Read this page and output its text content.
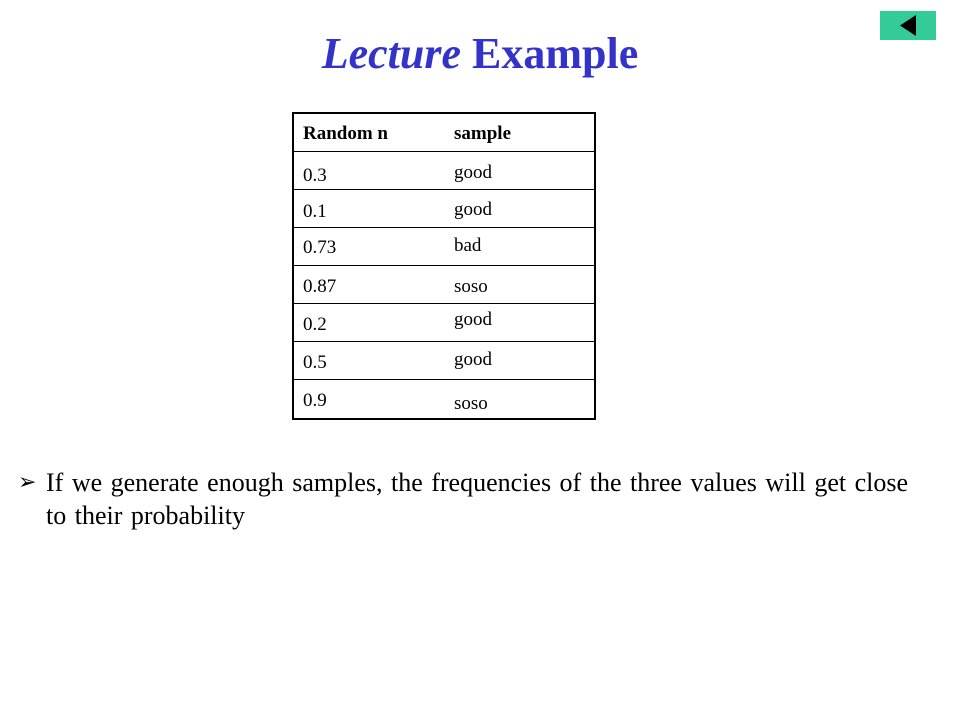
Lecture Example
Random n	sample
0.3	good
0.1	good
0.73	bad
0.87	soso
0.2	good
0.5	good
0.9	soso
➢ If we generate enough samples, the frequencies of the three values will get close to their probability
